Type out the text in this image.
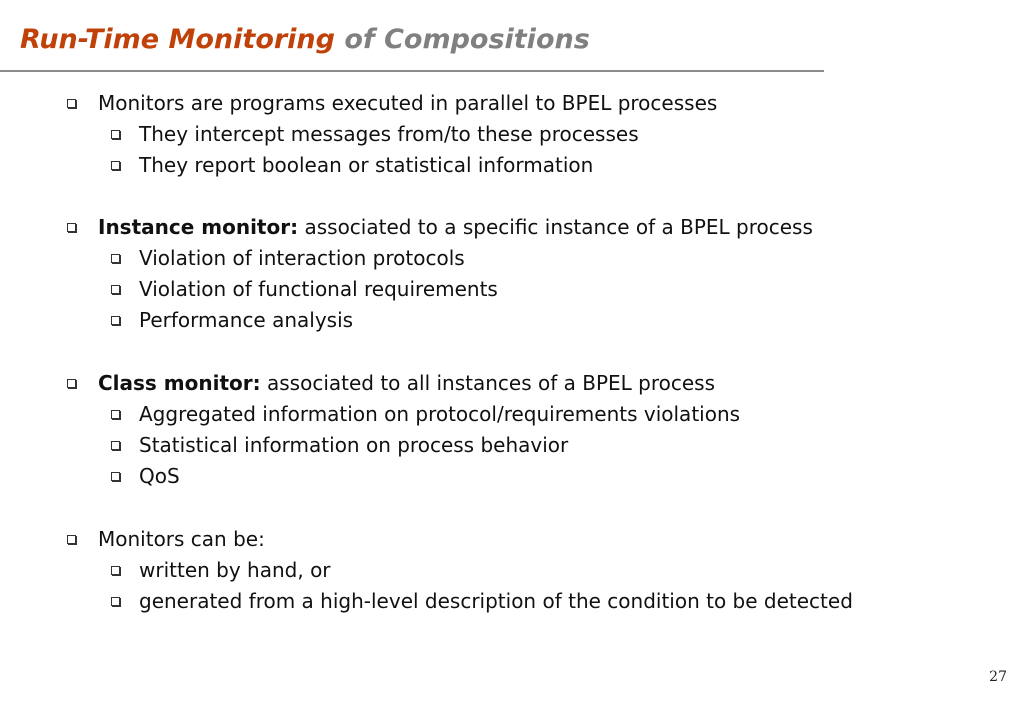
Run-Time Monitoring of Compositions
Monitors are programs executed in parallel to BPEL processes
They intercept messages from/to these processes
They report boolean or statistical information
Instance monitor: associated to a specific instance of a BPEL process
Violation of interaction protocols
Violation of functional requirements
Performance analysis
Class monitor: associated to all instances of a BPEL process
Aggregated information on protocol/requirements violations
Statistical information on process behavior
QoS
Monitors can be:
written by hand, or
generated from a high-level description of the condition to be detected
27
